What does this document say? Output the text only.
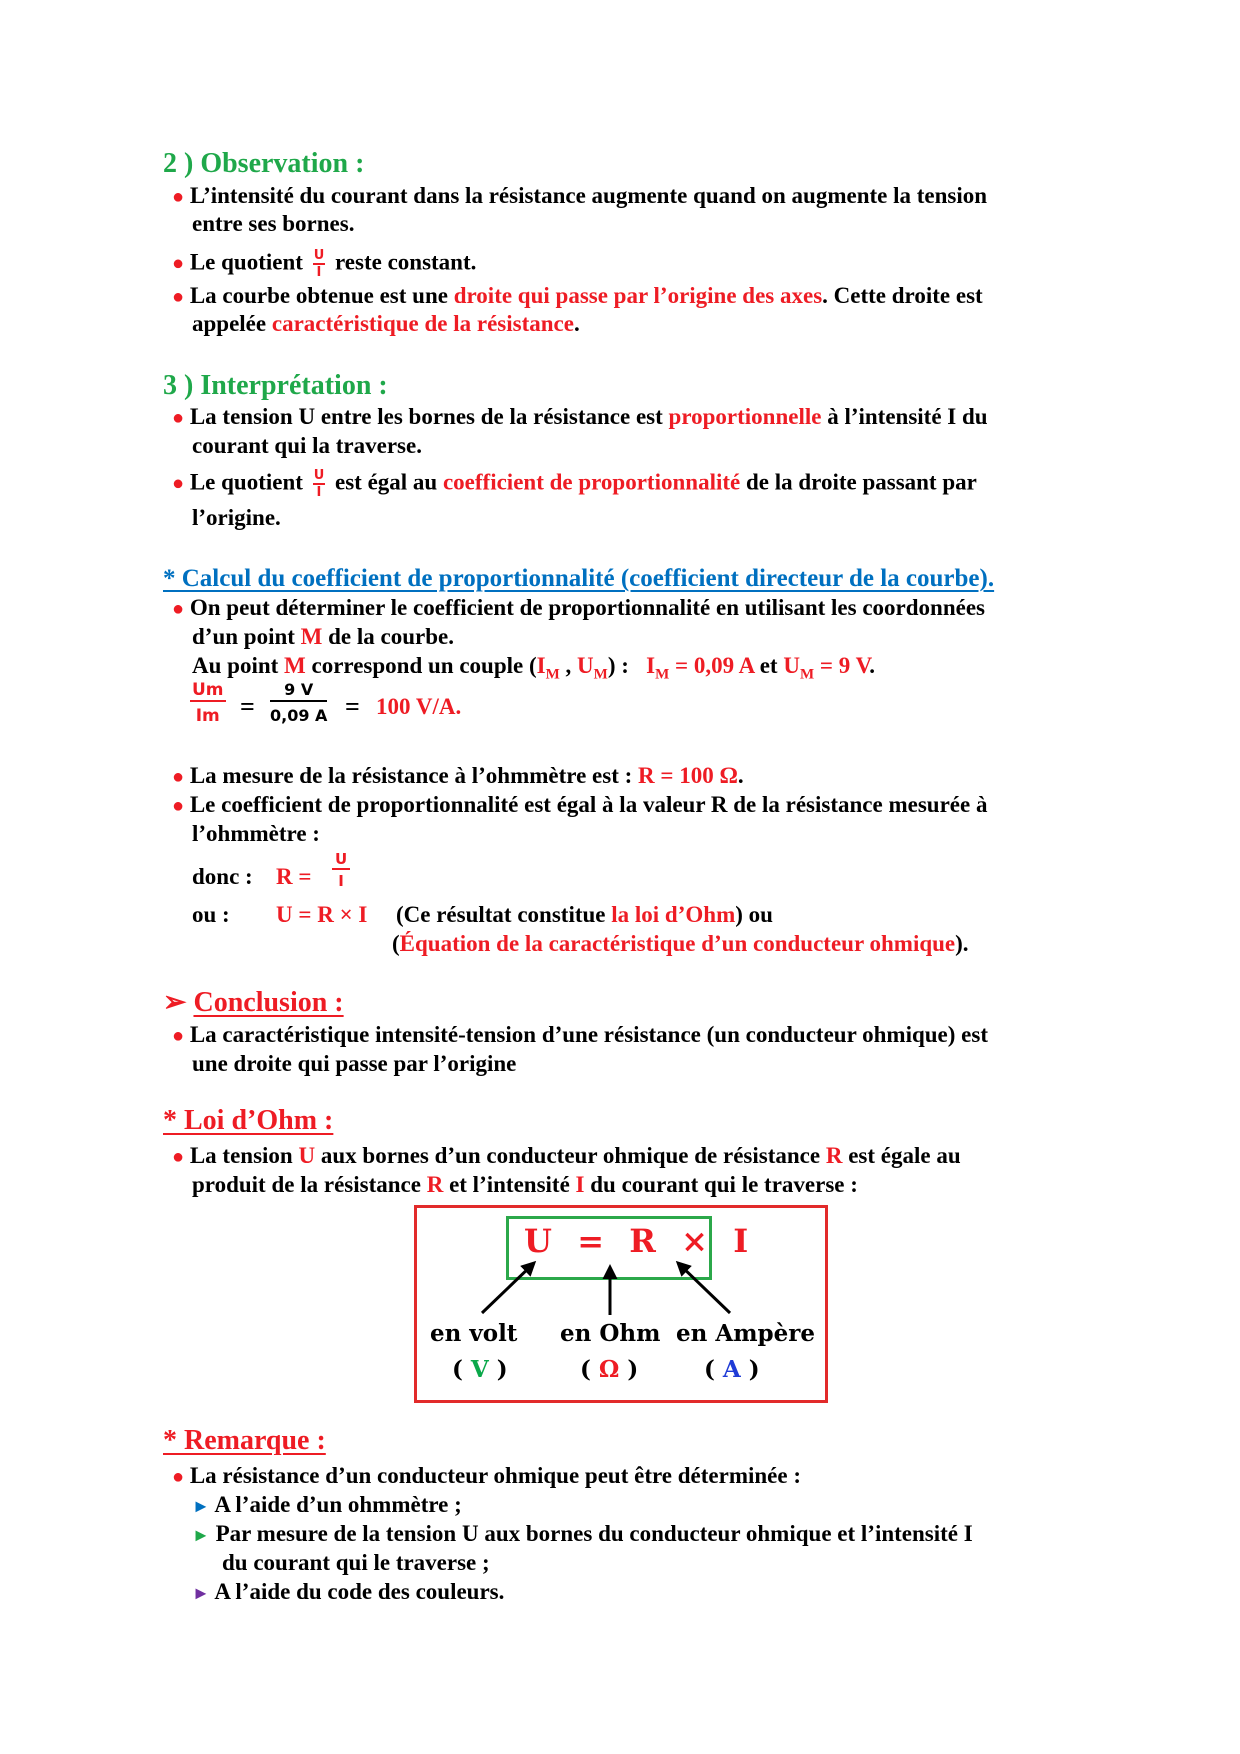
2 ) Observation :
● L’intensité du courant dans la résistance augmente quand on augmente la tension
entre ses bornes.
● Le quotient $\frac{U}{I}$ reste constant.
● La courbe obtenue est une droite qui passe par l’origine des axes. Cette droite est
appelée caractéristique de la résistance.
3 ) Interprétation :
● La tension U entre les bornes de la résistance est proportionnelle à l’intensité I du
courant qui la traverse.
● Le quotient $\frac{U}{I}$ est égal au coefficient de proportionnalité de la droite passant par
l’origine.
* Calcul du coefficient de proportionnalité (coefficient directeur de la courbe).
● On peut déterminer le coefficient de proportionnalité en utilisant les coordonnées
d’un point M de la courbe.
Au point M correspond un couple ($I_M$ , $U_M$) : $I_M = 0,09$ A et $U_M = 9$ V.
Um
Im =
9 V
0,09 A = 100 V/A.
● La mesure de la résistance à l’ohmmètre est : R = 100 Ω.
● Le coefficient de proportionnalité est égal à la valeur R de la résistance mesurée à
l’ohmmètre :
donc : R =
U
I
ou : U = R × I (Ce résultat constitue la loi d’Ohm) ou
(Équation de la caractéristique d’un conducteur ohmique).
➢ Conclusion :
● La caractéristique intensité-tension d’une résistance (un conducteur ohmique) est
une droite qui passe par l’origine
* Loi d’Ohm :
● La tension U aux bornes d’un conducteur ohmique de résistance R est égale au
produit de la résistance R et l’intensité I du courant qui le traverse :
U  =  R  ×  I
en volt en Ohm en Ampère
( V )	( Ω )	( A )
* Remarque :
● La résistance d’un conducteur ohmique peut être déterminée :
► A l’aide d’un ohmmètre ;
► Par mesure de la tension U aux bornes du conducteur ohmique et l’intensité I
du courant qui le traverse ;
► A l’aide du code des couleurs.
